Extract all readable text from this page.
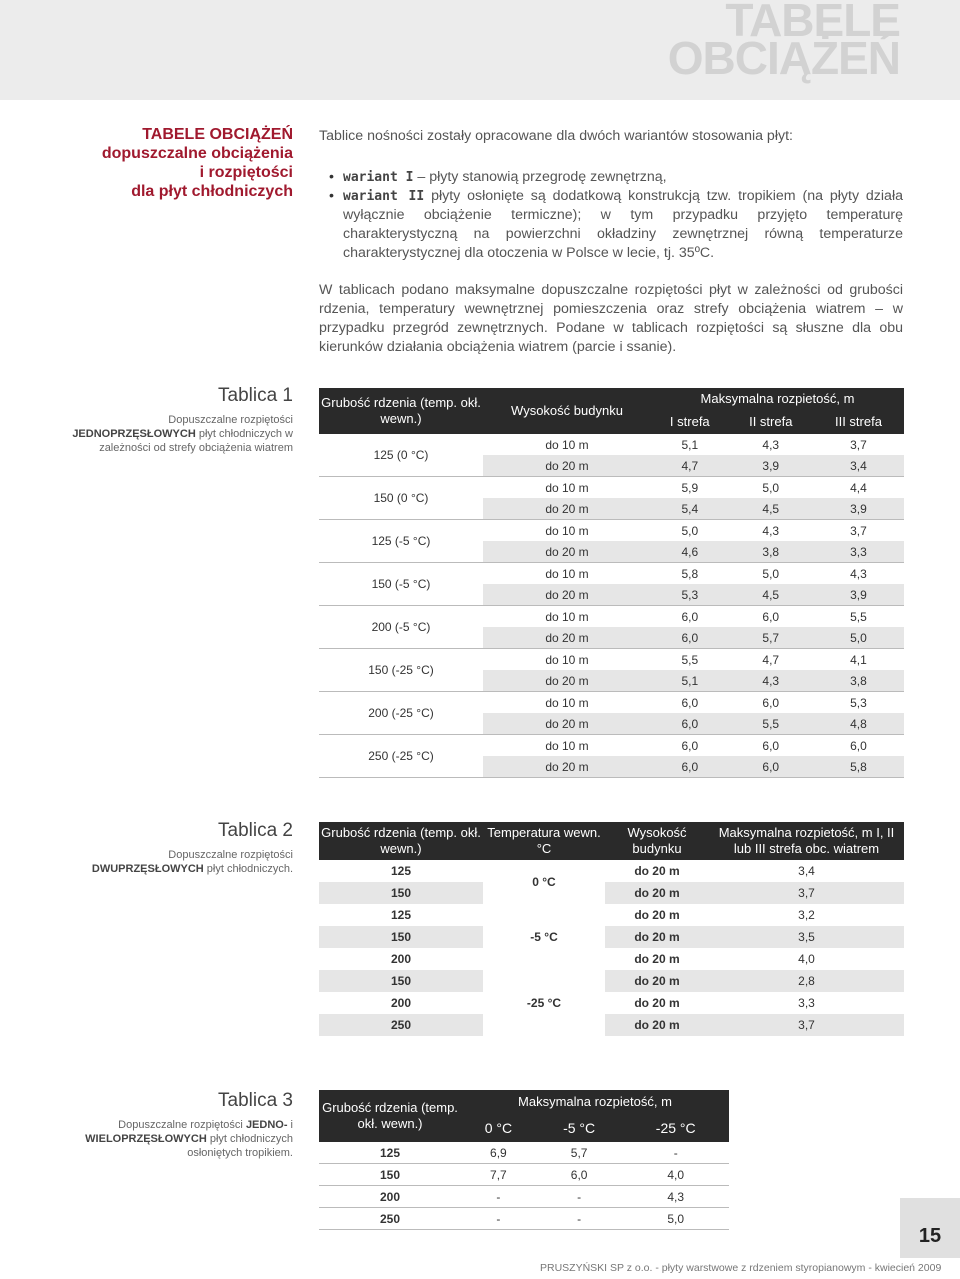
TABELE
OBCIĄŻEŃ
TABELE OBCIĄŻEŃ
dopuszczalne obciążenia
i rozpiętości
dla płyt chłodniczych

Tablice nośności zostały opracowane dla dwóch wariantów stosowania płyt:

• wariant I – płyty stanowią przegrodę zewnętrzną,
• wariant II płyty osłonięte są dodatkową konstrukcją tzw. tropikiem (na płyty działa wyłącznie obciążenie termiczne); w tym przypadku przyjęto temperaturę charakterystyczną na powierzchni okładziny zewnętrznej równą temperaturze charakterystycznej dla otoczenia w Polsce w lecie, tj. 35ºC.

W tablicach podano maksymalne dopuszczalne rozpiętości płyt w zależności od grubości rdzenia, temperatury wewnętrznej pomieszczenia oraz strefy obciążenia wiatrem – w przypadku przegród zewnętrznych. Podane w tablicach rozpiętości są słuszne dla obu kierunków działania obciążenia wiatrem (parcie i ssanie).

Tablica 1
Dopuszczalne rozpiętości
JEDNOPRZĘSŁOWYCH płyt chłodniczych w zależności od strefy obciążenia wiatrem
Grubość rdzenia (temp. okł. wewn.)	Wysokość budynku	Maksymalna rozpietość, m		
		I strefa	II strefa	III strefa
125 (0 °C)	do 10 m	5,1	4,3	3,7
	do 20 m	4,7	3,9	3,4
150 (0 °C)	do 10 m	5,9	5,0	4,4
	do 20 m	5,4	4,5	3,9
125 (-5 °C)	do 10 m	5,0	4,3	3,7
	do 20 m	4,6	3,8	3,3
150 (-5 °C)	do 10 m	5,8	5,0	4,3
	do 20 m	5,3	4,5	3,9
200 (-5 °C)	do 10 m	6,0	6,0	5,5
	do 20 m	6,0	5,7	5,0
150 (-25 °C)	do 10 m	5,5	4,7	4,1
	do 20 m	5,1	4,3	3,8
200 (-25 °C)	do 10 m	6,0	6,0	5,3
	do 20 m	6,0	5,5	4,8
250 (-25 °C)	do 10 m	6,0	6,0	6,0
	do 20 m	6,0	6,0	5,8
Tablica 2
Dopuszczalne rozpiętości
DWUPRZĘSŁOWYCH płyt chłodniczych.
Grubość rdzenia (temp. okł. wewn.)	Temperatura wewn. °C	Wysokość budynku	Maksymalna rozpietość, m I, II lub III strefa obc. wiatrem
125	0 °C	do 20 m	3,4
150		do 20 m	3,7
125	-5 °C	do 20 m	3,2
150		do 20 m	3,5
200		do 20 m	4,0
150	-25 °C	do 20 m	2,8
200		do 20 m	3,3
250		do 20 m	3,7
Tablica 3
Dopuszczalne rozpiętości JEDNO- i
WIELOPRZĘSŁOWYCH płyt chłodniczych osłoniętych tropikiem.
Grubość rdzenia (temp. okł. wewn.)	Maksymalna rozpietość, m		
	0 °C	-5 °C	-25 °C
125	6,9	5,7	-
150	7,7	6,0	4,0
200	-	-	4,3
250	-	-	5,0
15
PRUSZYŃSKI SP z o.o. - płyty warstwowe z rdzeniem styropianowym - kwiecień 2009
